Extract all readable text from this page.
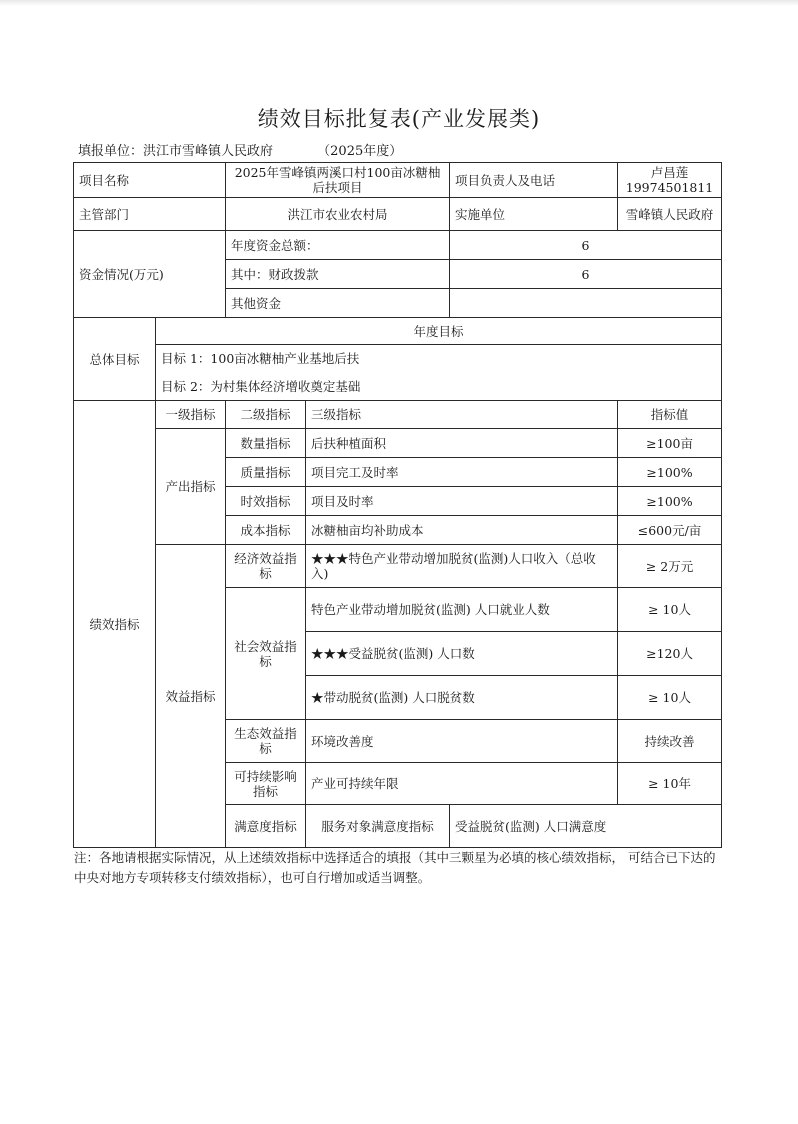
绩效目标批复表(产业发展类)
填报单位：洪江市雪峰镇人民政府	（2025年度）
项目名称		2025年雪峰镇两溪口村100亩冰糖柚后扶项目		项目负责人及电话	卢昌莲
19974501811	

主管部门		洪江市农业农村局		实施单位	雪峰镇人民政府	
资金情况(万元)		年度资金总额：		6		
		其中：财政拨款		6		
		其他资金				
总体目标	年度目标					
	目标 1：100亩冰糖柚产业基地后扶					
	目标 2：为村集体经济增收奠定基础					
绩效指标	一级指标	二级指标	三级指标		指标值	
	产出指标	数量指标	后扶种植面积		≥100亩	
		质量指标	项目完工及时率		≥100%	
		时效指标	项目及时率		≥100%	
		成本指标	冰糖柚亩均补助成本		≤600元/亩	
	效益指标	经济效益指标	★★★特色产业带动增加脱贫(监测)人口收入（总收入)		≥ 2万元	
		社会效益指标	特色产业带动增加脱贫(监测) 人口就业人数		≥ 10人	
			★★★受益脱贫(监测) 人口数		≥120人	
			★带动脱贫(监测) 人口脱贫数		≥ 10人	
		生态效益指标	环境改善度		持续改善	
		可持续影响指标	产业可持续年限		≥ 10年	
		满意度指标	服务对象满意度指标	受益脱贫(监测) 人口满意度	
注：各地请根据实际情况，从上述绩效指标中选择适合的填报（其中三颗星为必填的核心绩效指标， 可结合已下达的中央对地方专项转移支付绩效指标），也可自行增加或适当调整。
